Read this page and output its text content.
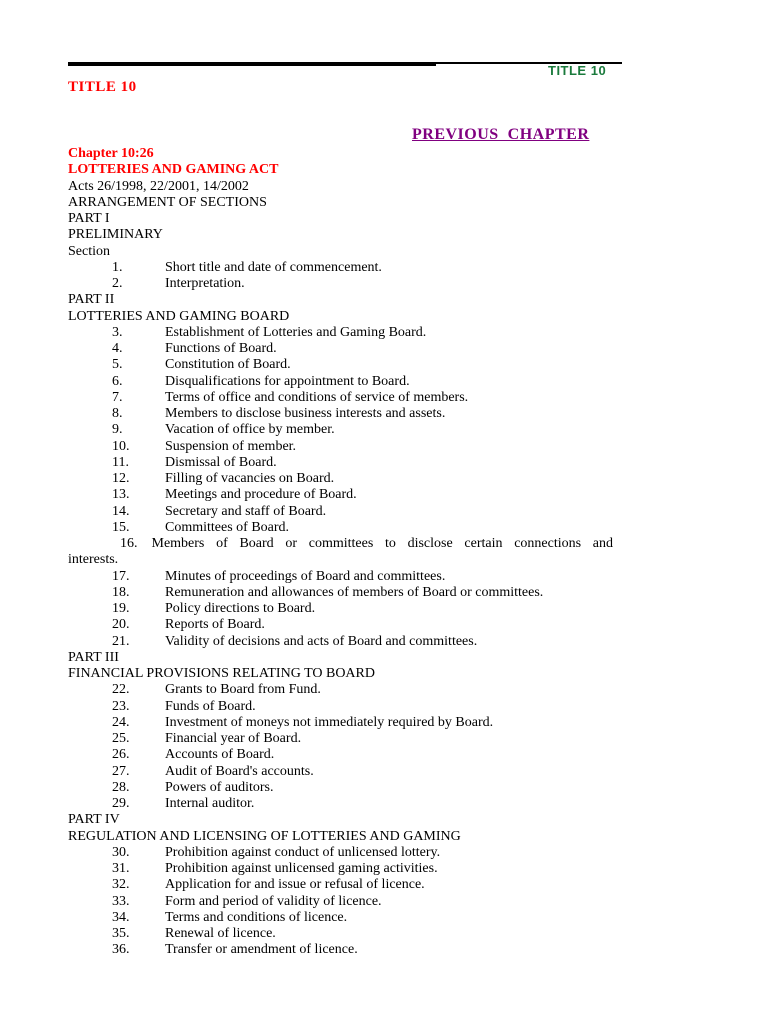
TITLE 10
TITLE 10
PREVIOUS  CHAPTER
Chapter 10:26
LOTTERIES AND GAMING ACT
Acts 26/1998, 22/2001, 14/2002
ARRANGEMENT OF SECTIONS
PART I
PRELIMINARY
Section
1.	Short title and date of commencement.
2.	Interpretation.
PART II
LOTTERIES AND GAMING BOARD
3.	Establishment of Lotteries and Gaming Board.
4.	Functions of Board.
5.	Constitution of Board.
6.	Disqualifications for appointment to Board.
7.	Terms of office and conditions of service of members.
8.	Members to disclose business interests and assets.
9.	Vacation of office by member.
10.	Suspension of member.
11.	Dismissal of Board.
12.	Filling of vacancies on Board.
13.	Meetings and procedure of Board.
14.	Secretary and staff of Board.
15.	Committees of Board.
16. Members of Board or committees to disclose certain connections and
interests.
17.	Minutes of proceedings of Board and committees.
18.	Remuneration and allowances of members of Board or committees.
19.	Policy directions to Board.
20.	Reports of Board.
21.	Validity of decisions and acts of Board and committees.
PART III
FINANCIAL PROVISIONS RELATING TO BOARD
22.	Grants to Board from Fund.
23.	Funds of Board.
24.	Investment of moneys not immediately required by Board.
25.	Financial year of Board.
26.	Accounts of Board.
27.	Audit of Board's accounts.
28.	Powers of auditors.
29.	Internal auditor.
PART IV
REGULATION AND LICENSING OF LOTTERIES AND GAMING
30.	Prohibition against conduct of unlicensed lottery.
31.	Prohibition against unlicensed gaming activities.
32.	Application for and issue or refusal of licence.
33.	Form and period of validity of licence.
34.	Terms and conditions of licence.
35.	Renewal of licence.
36.	Transfer or amendment of licence.
